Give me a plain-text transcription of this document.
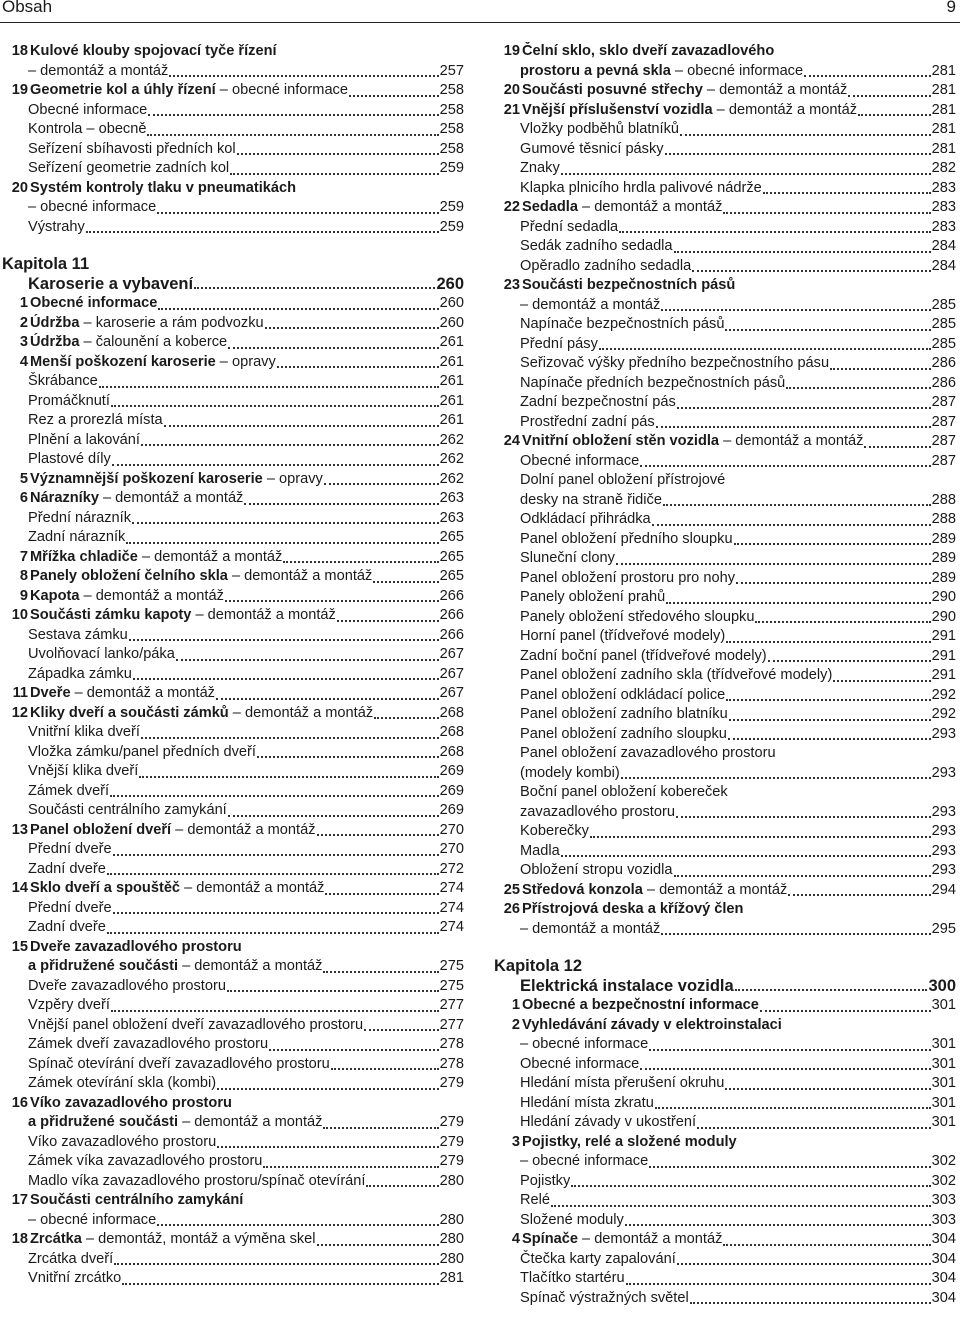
Obsah	9
18 Kulové klouby spojovací tyče řízení
– demontáž a montáž	257
19 Geometrie kol a úhly řízení – obecné informace	258
Obecné informace	258
Kontrola – obecně	258
Seřízení sbíhavosti předních kol	258
Seřízení geometrie zadních kol	259
20 Systém kontroly tlaku v pneumatikách
– obecné informace	259
Výstrahy	259
Kapitola 11
Karoserie a vybavení	260
1 Obecné informace	260
2 Údržba – karoserie a rám podvozku	260
3 Údržba – čalounění a koberce	261
4 Menší poškození karoserie – opravy	261
Škrábance	261
Promáčknutí	261
Rez a prorezlá místa	261
Plnění a lakování	262
Plastové díly	262
5 Významnější poškození karoserie – opravy	262
6 Nárazníky – demontáž a montáž	263
Přední nárazník	263
Zadní nárazník	265
7 Mřížka chladiče – demontáž a montáž	265
8 Panely obložení čelního skla – demontáž a montáž	265
9 Kapota – demontáž a montáž	266
10 Součásti zámku kapoty – demontáž a montáž	266
Sestava zámku	266
Uvolňovací lanko/páka	267
Západka zámku	267
11 Dveře – demontáž a montáž	267
12 Kliky dveří a součásti zámků – demontáž a montáž	268
Vnitřní klika dveří	268
Vložka zámku/panel předních dveří	268
Vnější klika dveří	269
Zámek dveří	269
Součásti centrálního zamykání	269
13 Panel obložení dveří – demontáž a montáž	270
Přední dveře	270
Zadní dveře	272
14 Sklo dveří a spouštěč – demontáž a montáž	274
Přední dveře	274
Zadní dveře	274
15 Dveře zavazadlového prostoru
a přidružené součásti – demontáž a montáž	275
Dveře zavazadlového prostoru	275
Vzpěry dveří	277
Vnější panel obložení dveří zavazadlového prostoru	277
Zámek dveří zavazadlového prostoru	278
Spínač otevírání dveří zavazadlového prostoru	278
Zámek otevírání skla (kombi)	279
16 Víko zavazadlového prostoru
a přidružené součásti – demontáž a montáž	279
Víko zavazadlového prostoru	279
Zámek víka zavazadlového prostoru	279
Madlo víka zavazadlového prostoru/spínač otevírání	280
17 Součásti centrálního zamykání
– obecné informace	280
18 Zrcátka – demontáž, montáž a výměna skel	280
Zrcátka dveří	280
Vnitřní zrcátko	281
19 Čelní sklo, sklo dveří zavazadlového
prostoru a pevná skla – obecné informace	281
20 Součásti posuvné střechy – demontáž a montáž	281
21 Vnější příslušenství vozidla – demontáž a montáž	281
Vložky podběhů blatníků	281
Gumové těsnicí pásky	281
Znaky	282
Klapka plnicího hrdla palivové nádrže	283
22 Sedadla – demontáž a montáž	283
Přední sedadla	283
Sedák zadního sedadla	284
Opěradlo zadního sedadla	284
23 Součásti bezpečnostních pásů
– demontáž a montáž	285
Napínače bezpečnostních pásů	285
Přední pásy	285
Seřizovač výšky předního bezpečnostního pásu	286
Napínače předních bezpečnostních pásů	286
Zadní bezpečnostní pás	287
Prostřední zadní pás	287
24 Vnitřní obložení stěn vozidla – demontáž a montáž	287
Obecné informace	287
Dolní panel obložení přístrojové
desky na straně řidiče	288
Odkládací přihrádka	288
Panel obložení předního sloupku	289
Sluneční clony	289
Panel obložení prostoru pro nohy	289
Panely obložení prahů	290
Panely obložení středového sloupku	290
Horní panel (třídveřové modely)	291
Zadní boční panel (třídveřové modely)	291
Panel obložení zadního skla (třídveřové modely)	291
Panel obložení odkládací police	292
Panel obložení zadního blatníku	292
Panel obložení zadního sloupku	293
Panel obložení zavazadlového prostoru
(modely kombi)	293
Boční panel obložení kobereček
zavazadlového prostoru	293
Koberečky	293
Madla	293
Obložení stropu vozidla	293
25 Středová konzola – demontáž a montáž	294
26 Přístrojová deska a křížový člen
– demontáž a montáž	295
Kapitola 12
Elektrická instalace vozidla	300
1 Obecné a bezpečnostní informace	301
2 Vyhledávání závady v elektroinstalaci
– obecné informace	301
Obecné informace	301
Hledání místa přerušení okruhu	301
Hledání místa zkratu	301
Hledání závady v ukostření	301
3 Pojistky, relé a složené moduly
– obecné informace	302
Pojistky	302
Relé	303
Složené moduly	303
4 Spínače – demontáž a montáž	304
Čtečka karty zapalování	304
Tlačítko startéru	304
Spínač výstražných světel	304
